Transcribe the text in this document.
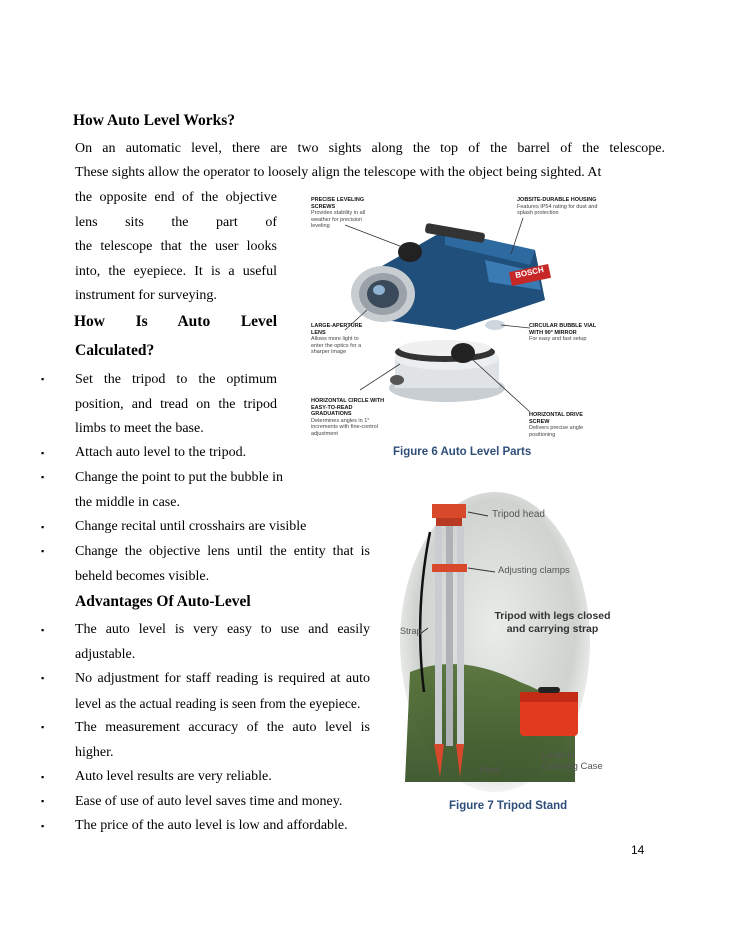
How Auto Level Works?
On an automatic level, there are two sights along the top of the barrel of the telescope.
These sights allow the operator to loosely align the telescope with the object being sighted. At
the opposite end of the objective
lens sits the part of
the telescope that the user looks
into, the eyepiece. It is a useful
instrument for surveying.
How Is Auto Level
Calculated?
▪ Set the tripod to the optimum
position, and tread on the tripod
limbs to meet the base.
▪ Attach auto level to the tripod.
▪ Change the point to put the bubble in
the middle in case.
▪ Change recital until crosshairs are visible
▪ Change the objective lens until the entity that is
beheld becomes visible.
Advantages Of Auto-Level
▪ The auto level is very easy to use and easily
adjustable.
▪ No adjustment for staff reading is required at auto
level as the actual reading is seen from the eyepiece.
▪ The measurement accuracy of the auto level is
higher.
▪ Auto level results are very reliable.
▪ Ease of use of auto level saves time and money.
▪ The price of the auto level is low and affordable.
BOSCH
PRECISE LEVELING SCREWS
Provides stability in all weather for precision leveling
JOBSITE-DURABLE HOUSING
Features IP54 rating for dust and splash protection
LARGE-APERTURE LENS
Allows more light to enter the optics for a sharper image
CIRCULAR BUBBLE VIAL WITH 90° MIRROR
For easy and fast setup
HORIZONTAL CIRCLE WITH EASY-TO-READ GRADUATIONS
Determines angles in 1° increments with fine-control adjustment
HORIZONTAL DRIVE SCREW
Delivers precise angle positioning
Figure 6 Auto Level Parts
Tripod head
Adjusting clamps
Tripod with legs closed and carrying strap
Strap
Level in Carrying Case
Feet
Figure 7 Tripod Stand
14
